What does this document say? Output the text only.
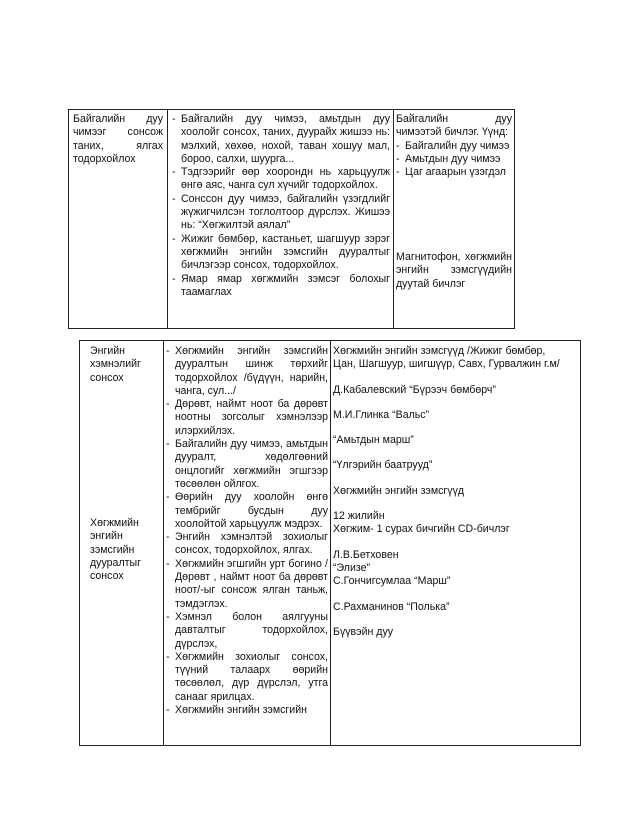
Байгалийн дуу чимээг сонсож таних, ялгах тодорхойлох
- Байгалийн дуу чимээ, амьтдын дуу хоолойг сонсох, таних, дуурайх жишээ нь: мэлхий, хөхөө, нохой, таван хошуу мал, бороо, салхи, шуурга...
- Тэдгээрийг өөр хоорондн нь харьцуулж өнгө аяс, чанга сул хүчийг тодорхойлох.
- Сонссон дуу чимээ, байгалийн үзэгдлийг жүжигчилсэн тоглолтоор дүрслэх. Жишээ нь: “Хөгжилтэй аялал”
- Жижиг бөмбөр, кастаньет, шагшуур зэрэг хөгжмийн энгийн зэмсгийн дууралтыг бичлэгээр сонсох, тодорхойлох.
- Ямар ямар хөгжмийн зэмсэг болохыг таамаглах
Байгалийн дуу чимээтэй бичлэг. Үүнд:
- Байгалийн дуу чимээ
- Амьтдын дуу чимээ
- Цаг агаарын үзэгдэл
Магнитофон, хөгжмийн энгийн зэмсгүүдийн дуутай бичлэг
Энгийн хэмнэлийг сонсох
Хөгжмийн энгийн зэмсгийн дууралтыг сонсох
- Хөгжмийн энгийн зэмсгийн дууралтын шинж төрхийг тодорхойлох /бүдүүн, нарийн, чанга, сул.../
- Дөрөвт, наймт ноот ба дөрөвт ноотны зогсолыг хэмнэлээр илэрхийлэх.
- Байгалийн дуу чимээ, амьтдын дууралт, хөдөлгөөний онцлогийг хөгжмийн эгшгээр төсөөлөн ойлгох.
- Өөрийн дуу хоолойн өнгө тембрийг бусдын дуу хоолойтой харьцуулж мэдрэх.
- Энгийн хэмнэлтэй зохиолыг сонсох, тодорхойлох, ялгах.
- Хөгжмийн эгшгийн урт богино /Дөрөвт , наймт ноот ба дөрөвт ноот/-ыг сонсож ялган таньж, тэмдэглэх.
- Хэмнэл болон аялгууны давталтыг тодорхойлох, дүрслэх,
- Хөгжмийн зохиолыг сонсох, түүний талаарх өөрийн төсөөлөл, дүр дүрслэл, утга санааг ярилцах.
- Хөгжмийн энгийн зэмсгийн
Хөгжмийн энгийн зэмсгүүд /Жижиг бөмбөр,
Цан, Шагшуур, шигшүүр, Савх, Гурвалжин г.м/
Д.Кабалевский “Бүрээч бөмбөрч”
М.И.Глинка “Вальс”
“Амьтдын марш”
“Үлгэрийн баатрууд”
Хөгжмийн энгийн зэмсгүүд
12 жилийн
Хөгжим- 1 сурах бичгийн CD-бичлэг
Л.В.Бетховен
“Элизе”
С.Гончигсумлаа “Марш”
С.Рахманинов “Полька”
Бүүвэйн дуу
